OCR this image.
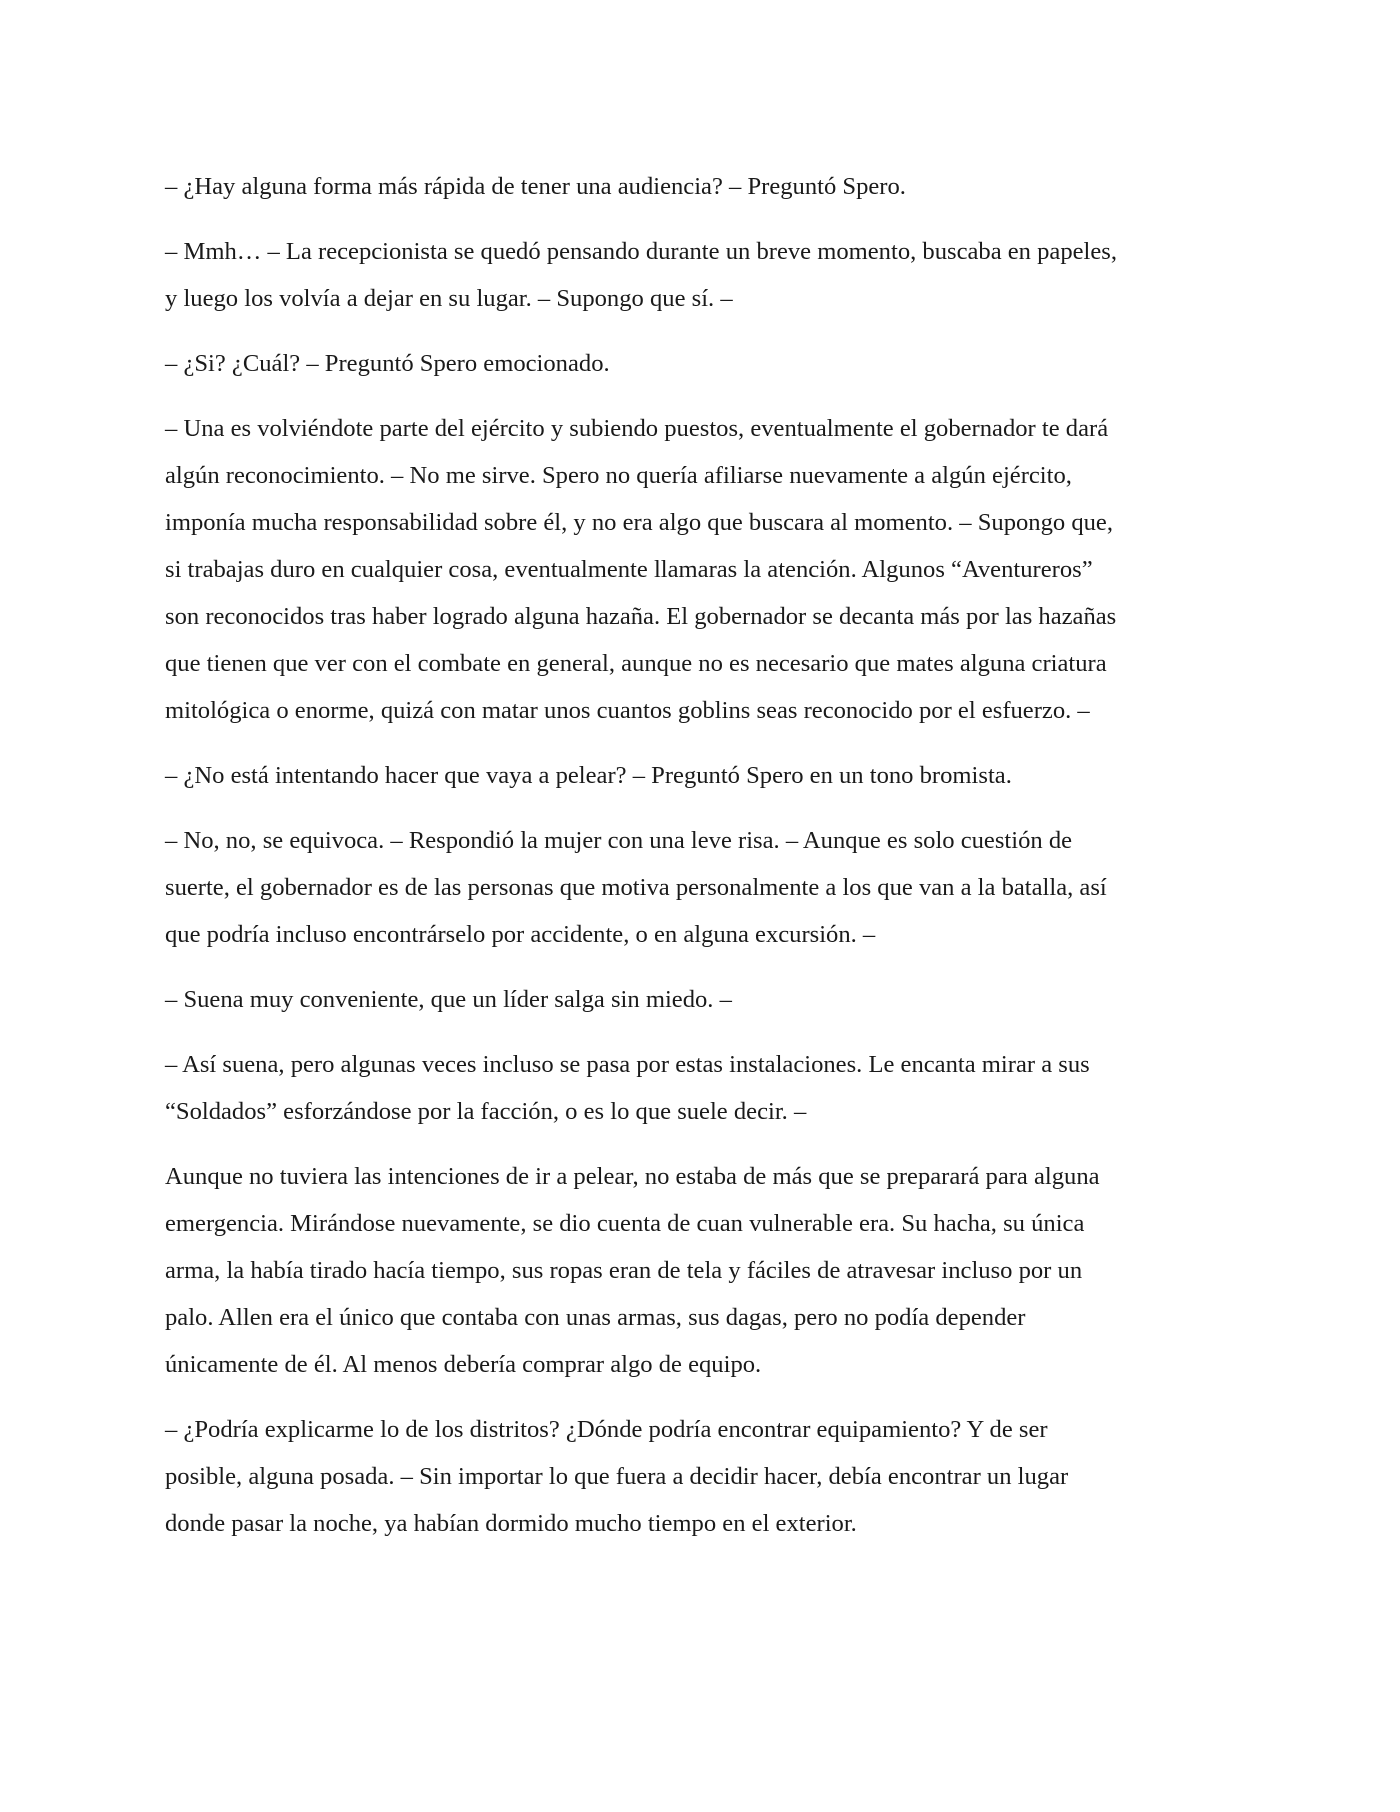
– ¿Hay alguna forma más rápida de tener una audiencia? – Preguntó Spero.

– Mmh… – La recepcionista se quedó pensando durante un breve momento, buscaba en papeles,
y luego los volvía a dejar en su lugar. – Supongo que sí. –

– ¿Si? ¿Cuál? – Preguntó Spero emocionado.

– Una es volviéndote parte del ejército y subiendo puestos, eventualmente el gobernador te dará
algún reconocimiento. – No me sirve. Spero no quería afiliarse nuevamente a algún ejército,
imponía mucha responsabilidad sobre él, y no era algo que buscara al momento. – Supongo que,
si trabajas duro en cualquier cosa, eventualmente llamaras la atención. Algunos “Aventureros”
son reconocidos tras haber logrado alguna hazaña. El gobernador se decanta más por las hazañas
que tienen que ver con el combate en general, aunque no es necesario que mates alguna criatura
mitológica o enorme, quizá con matar unos cuantos goblins seas reconocido por el esfuerzo. –

– ¿No está intentando hacer que vaya a pelear? – Preguntó Spero en un tono bromista.

– No, no, se equivoca. – Respondió la mujer con una leve risa. – Aunque es solo cuestión de
suerte, el gobernador es de las personas que motiva personalmente a los que van a la batalla, así
que podría incluso encontrárselo por accidente, o en alguna excursión. –

– Suena muy conveniente, que un líder salga sin miedo. –

– Así suena, pero algunas veces incluso se pasa por estas instalaciones. Le encanta mirar a sus
“Soldados” esforzándose por la facción, o es lo que suele decir. –

Aunque no tuviera las intenciones de ir a pelear, no estaba de más que se preparará para alguna
emergencia. Mirándose nuevamente, se dio cuenta de cuan vulnerable era. Su hacha, su única
arma, la había tirado hacía tiempo, sus ropas eran de tela y fáciles de atravesar incluso por un
palo. Allen era el único que contaba con unas armas, sus dagas, pero no podía depender
únicamente de él. Al menos debería comprar algo de equipo.

– ¿Podría explicarme lo de los distritos? ¿Dónde podría encontrar equipamiento? Y de ser
posible, alguna posada. – Sin importar lo que fuera a decidir hacer, debía encontrar un lugar
donde pasar la noche, ya habían dormido mucho tiempo en el exterior.
